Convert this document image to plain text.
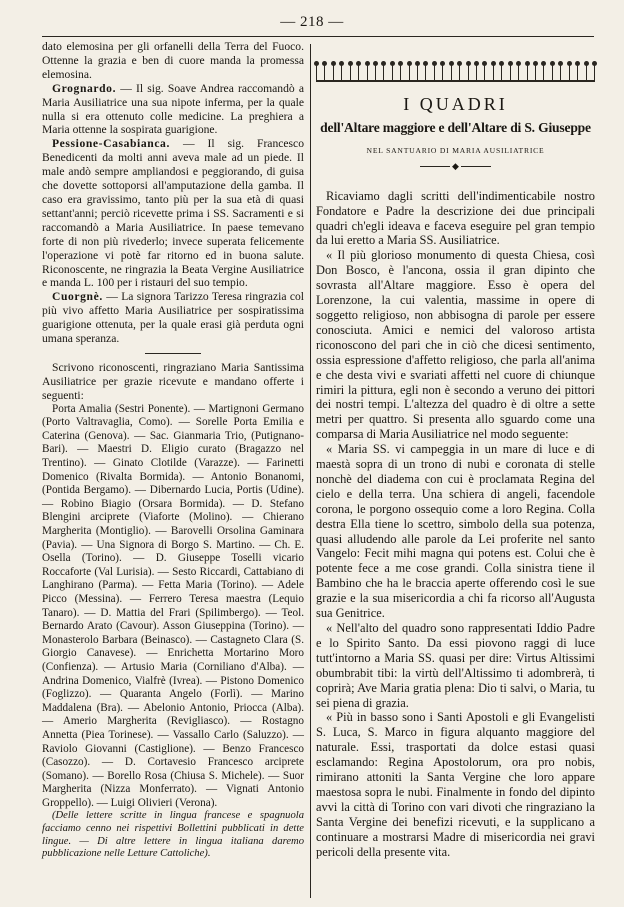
— 218 —

dato elemosina per gli orfanelli della Terra del Fuoco. Ottenne la grazia e ben di cuore manda la promessa elemosina.

Grognardo. — Il sig. Soave Andrea raccomandò a Maria Ausiliatrice una sua nipote inferma, per la quale nulla si era ottenuto colle medicine. La preghiera a Maria ottenne la sospirata guarigione.

Pessione-Casabianca. — Il sig. Francesco Benedicenti da molti anni aveva male ad un piede. Il male andò sempre ampliandosi e peggiorando, di guisa che dovette sottoporsi all'amputazione della gamba. Il caso era gravissimo, tanto più per la sua età di quasi settant'anni; perciò ricevette prima i SS. Sacramenti e si raccomandò a Maria Ausiliatrice. In paese temevano forte di non più rivederlo; invece superata felicemente l'operazione vi potè far ritorno ed in buona salute. Riconoscente, ne ringrazia la Beata Vergine Ausiliatrice e manda L. 100 per i ristauri del suo tempio.

Cuorgnè. — La signora Tarizzo Teresa ringrazia col più vivo affetto Maria Ausiliatrice per sospiratissima guarigione ottenuta, per la quale erasi già perduta ogni umana speranza.

Scrivono riconoscenti, ringraziano Maria Santissima Ausiliatrice per grazie ricevute e mandano offerte i seguenti:

Porta Amalia (Sestri Ponente). — Martignoni Germano (Porto Valtravaglia, Como). — Sorelle Porta Emilia e Caterina (Genova). — Sac. Gianmaria Trio, (Putignano-Bari). — Maestri D. Eligio curato (Bragazzo nel Trentino). — Ginato Clotilde (Varazze). — Farinetti Domenico (Rivalta Bormida). — Antonio Bonanomi, (Pontida Bergamo). — Dibernardo Lucia, Portis (Udine). — Robino Biagio (Orsara Bormida). — D. Stefano Blengini arciprete (Viaforte (Molino). — Chierano Margherita (Montiglio). — Barovelli Orsolina Gaminara (Pavia). — Una Signora di Borgo S. Martino. — Ch. E. Osella (Torino). — D. Giuseppe Toselli vicario Roccaforte (Val Lurisia). — Sesto Riccardi, Cattabiano di Langhirano (Parma). — Fetta Maria (Torino). — Adele Picco (Messina). — Ferrero Teresa maestra (Lequio Tanaro). — D. Mattia del Frari (Spilimbergo). — Teol. Bernardo Arato (Cavour). Asson Giuseppina (Torino). — Monasterolo Barbara (Beinasco). — Castagneto Clara (S. Giorgio Canavese). — Enrichetta Mortarino Moro (Confienza). — Artusio Maria (Corniliano d'Alba). — Andrina Domenico, Vialfrè (Ivrea). — Pistono Domenico (Foglizzo). — Quaranta Angelo (Forlì). — Marino Maddalena (Bra). — Abelonio Antonio, Priocca (Alba). — Amerio Margherita (Revigliasco). — Rostagno Annetta (Piea Torinese). — Vassallo Carlo (Saluzzo). — Raviolo Giovanni (Castiglione). — Benzo Francesco (Casozzo). — D. Cortavesio Francesco arciprete (Somano). — Borello Rosa (Chiusa S. Michele). — Suor Margherita (Nizza Monferrato). — Vignati Antonio Groppello). — Luigi Olivieri (Verona).

(Delle lettere scritte in lingua francese e spagnuola facciamo cenno nei rispettivi Bollettini pubblicati in dette lingue. — Di altre lettere in lingua italiana daremo pubblicazione nelle Letture Cattoliche).

I QUADRI
dell'Altare maggiore e dell'Altare di S. Giuseppe
NEL SANTUARIO DI MARIA AUSILIATRICE
◆

Ricaviamo dagli scritti dell'indimenticabile nostro Fondatore e Padre la descrizione dei due principali quadri ch'egli ideava e faceva eseguire pel gran tempio da lui eretto a Maria SS. Ausiliatrice.

« Il più glorioso monumento di questa Chiesa, così Don Bosco, è l'ancona, ossia il gran dipinto che sovrasta all'Altare maggiore. Esso è opera del Lorenzone, la cui valentia, massime in opere di soggetto religioso, non abbisogna di parole per essere conosciuta. Amici e nemici del valoroso artista riconoscono del pari che in ciò che dicesi sentimento, ossia espressione d'affetto religioso, che parla all'anima e che desta vivi e svariati affetti nel cuore di chiunque rimiri la pittura, egli non è secondo a veruno dei pittori dei nostri tempi. L'altezza del quadro è di oltre a sette metri per quattro. Si presenta allo sguardo come una comparsa di Maria Ausiliatrice nel modo seguente:

« Maria SS. vi campeggia in un mare di luce e di maestà sopra di un trono di nubi e coronata di stelle nonchè del diadema con cui è proclamata Regina del cielo e della terra. Una schiera di angeli, facendole corona, le porgono ossequio come a loro Regina. Colla destra Ella tiene lo scettro, simbolo della sua potenza, quasi alludendo alle parole da Lei proferite nel santo Vangelo: Fecit mihi magna qui potens est. Colui che è potente fece a me cose grandi. Colla sinistra tiene il Bambino che ha le braccia aperte offerendo così le sue grazie e la sua misericordia a chi fa ricorso all'Augusta sua Genitrice.

« Nell'alto del quadro sono rappresentati Iddio Padre e lo Spirito Santo. Da essi piovono raggi di luce tutt'intorno a Maria SS. quasi per dire: Virtus Altissimi obumbrabit tibi: la virtù dell'Altissimo ti adombrerà, ti coprirà; Ave Maria gratia plena: Dio ti salvi, o Maria, tu sei piena di grazia.

« Più in basso sono i Santi Apostoli e gli Evangelisti S. Luca, S. Marco in figura alquanto maggiore del naturale. Essi, trasportati da dolce estasi quasi esclamando: Regina Apostolorum, ora pro nobis, rimirano attoniti la Santa Vergine che loro appare maestosa sopra le nubi. Finalmente in fondo del dipinto avvi la città di Torino con vari divoti che ringraziano la Santa Vergine dei benefizi ricevuti, e la supplicano a continuare a mostrarsi Madre di misericordia nei gravi pericoli della presente vita.
